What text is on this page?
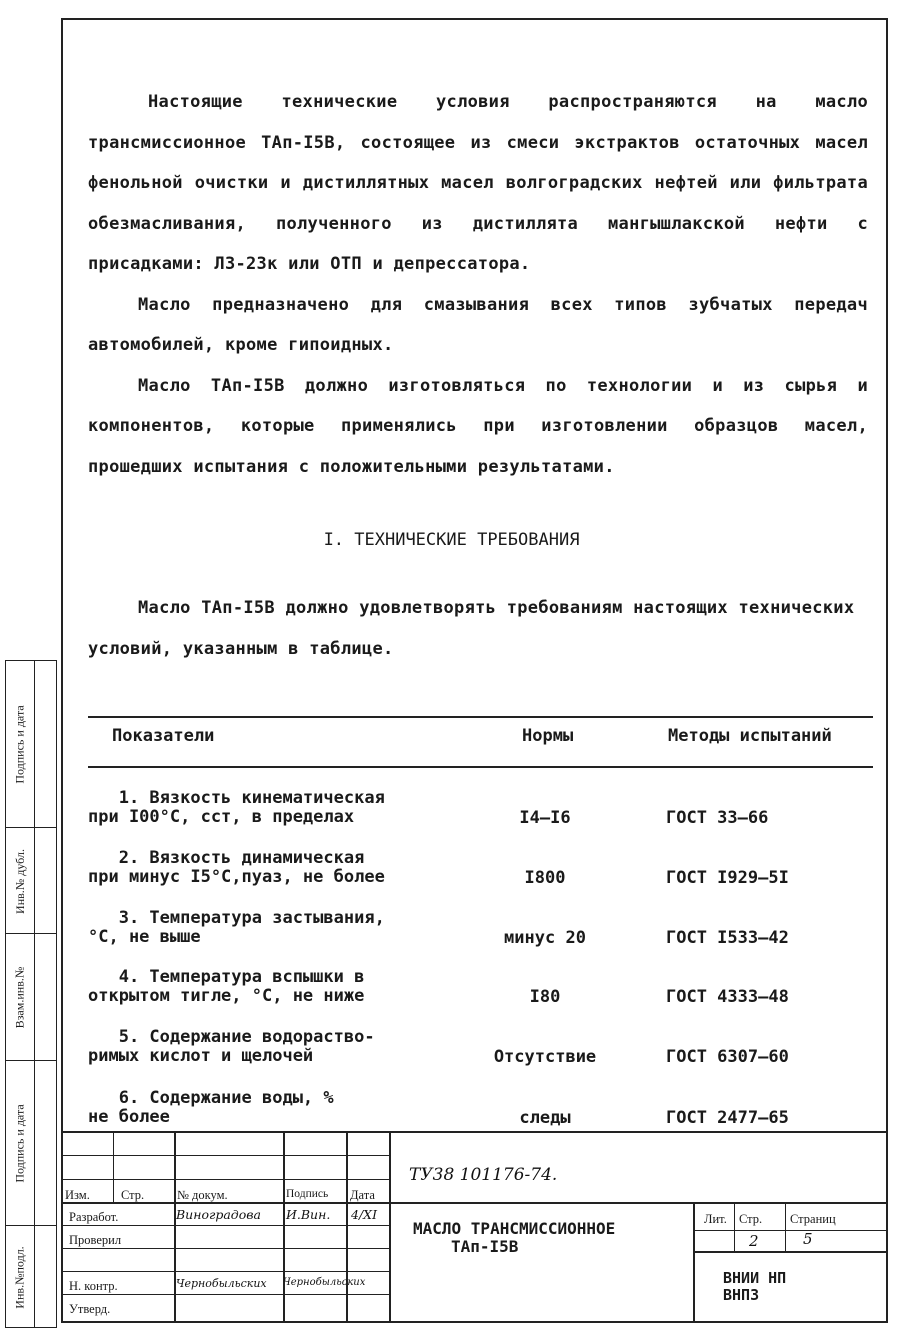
Подпись и дата
Инв.№ дубл.
Взам.инв.№
Подпись и дата
Инв.№подл.

Настоящие технические условия распространяются на масло трансмиссионное ТАп-I5В, состоящее из смеси экстрактов остаточных масел фенольной очистки и дистиллятных масел волгоградских нефтей или фильтрата обезмасливания, полученного из дистиллята мангышлакской нефти с присадками: ЛЗ-23к или ОТП и депрессатора.

Масло предназначено для смазывания всех типов зубчатых передач автомобилей, кроме гипоидных.

Масло ТАп-I5В должно изготовляться по технологии и из сырья и компонентов, которые применялись при изготовлении образцов масел, прошедших испытания с положительными результатами.

I. ТЕХНИЧЕСКИЕ ТРЕБОВАНИЯ
Масло ТАп-I5В должно удовлетворять требованиям настоящих технических условий, указанным в таблице.
Показатели	Нормы	Методы испытаний
1. Вязкость кинематическая
при I00°С, сст, в пределах	I4–I6	ГОСТ 33–66
2. Вязкость динамическая
при минус I5°С,пуаз, не более	I800	ГОСТ I929–5I
3. Температура застывания,
°С, не выше	минус 20	ГОСТ I533–42
4. Температура вспышки в
открытом тигле, °С, не ниже	I80	ГОСТ 4333–48
5. Содержание водораство-
римых кислот и щелочей	Отсутствие	ГОСТ 6307–60
6. Содержание воды, %
не более	следы	ГОСТ 2477–65
ТУ38 101176-74.
Изм. Стр.	№ докум.	Подпись Дата
Разработ.
Проверил
Н. контр.
Утверд.
Виноградова И.Вин. 4/XI
Чернобыльских Чернобыльских
МАСЛО ТРАНСМИССИОННОЕ
ТАп-I5В
Лит. Стр. Страниц
2	5
ВНИИ НП
ВНПЗ
